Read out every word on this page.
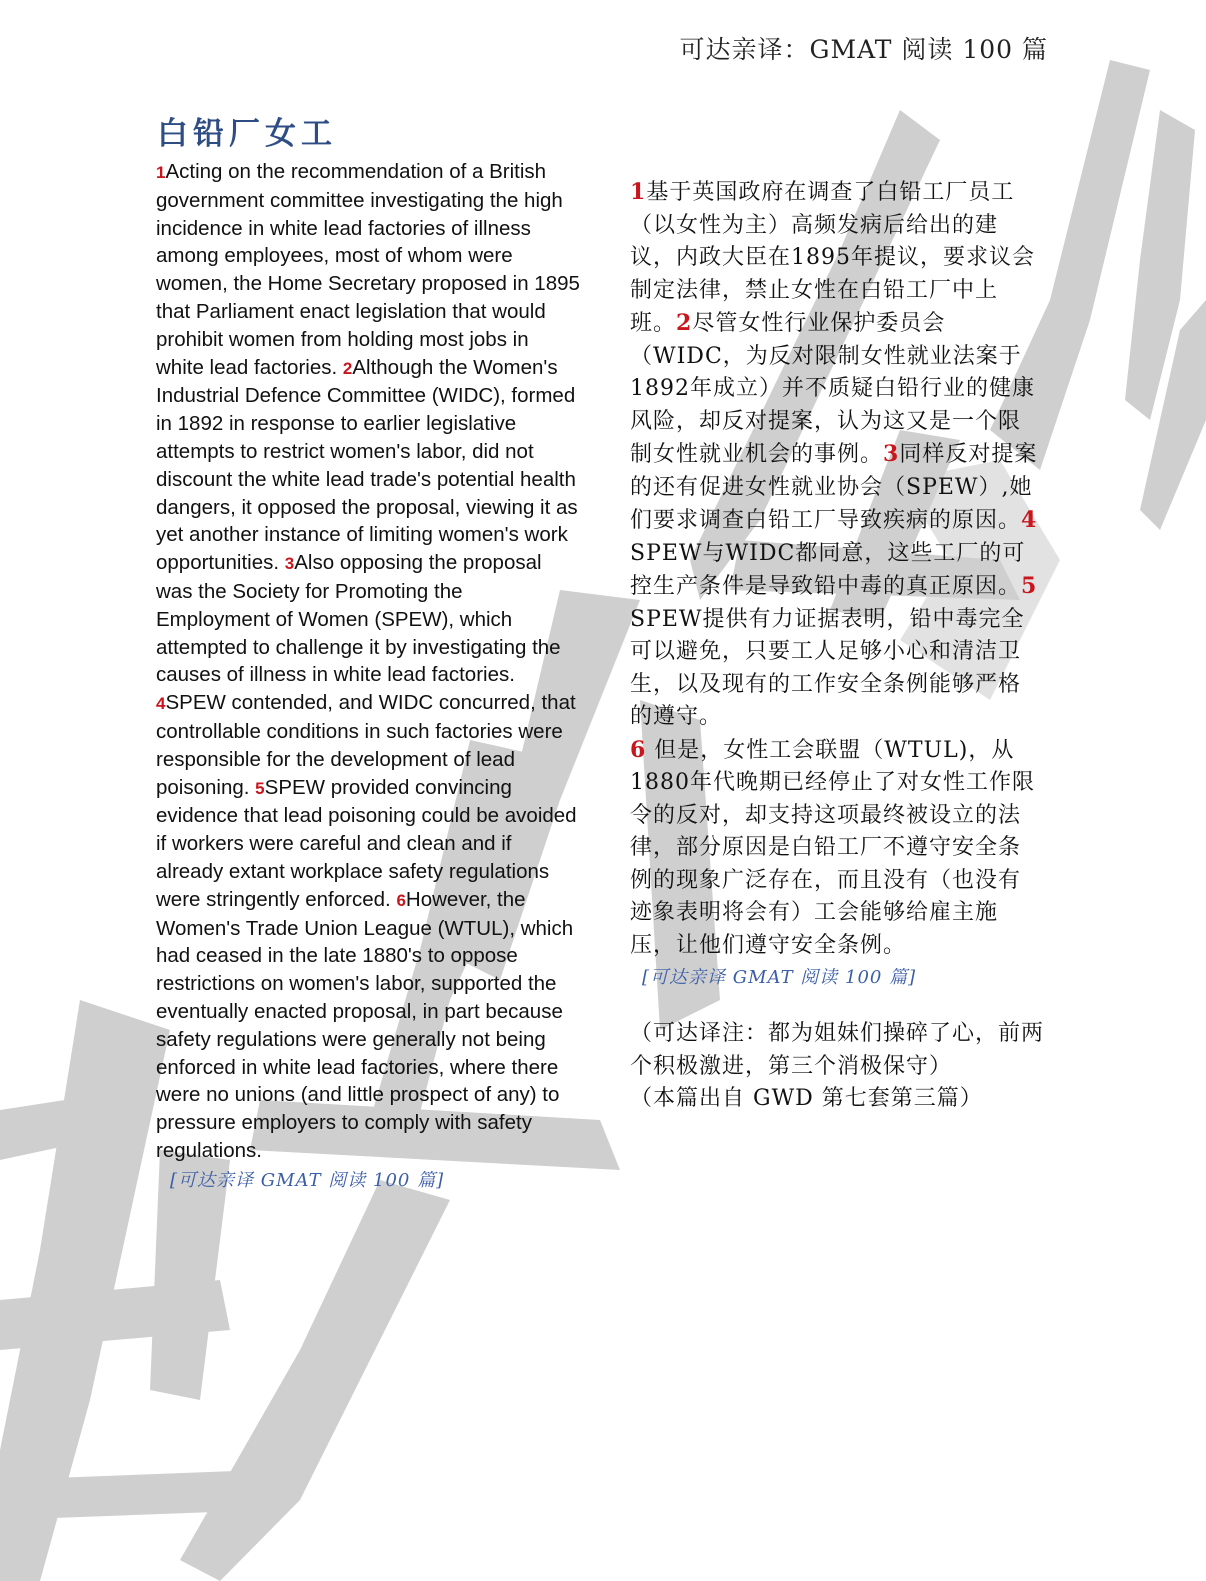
可达亲译：GMAT 阅读 100 篇
白铅厂女工

1Acting on the recommendation of a British government committee investigating the high incidence in white lead factories of illness among employees, most of whom were women, the Home Secretary proposed in 1895 that Parliament enact legislation that would prohibit women from holding most jobs in white lead factories. 2Although the Women's Industrial Defence Committee (WIDC), formed in 1892 in response to earlier legislative attempts to restrict women's labor, did not discount the white lead trade's potential health dangers, it opposed the proposal, viewing it as yet another instance of limiting women's work opportunities. 3Also opposing the proposal was the Society for Promoting the Employment of Women (SPEW), which attempted to challenge it by investigating the causes of illness in white lead factories. 4SPEW contended, and WIDC concurred, that controllable conditions in such factories were responsible for the development of lead poisoning. 5SPEW provided convincing evidence that lead poisoning could be avoided if workers were careful and clean and if already extant workplace safety regulations were stringently enforced. 6However, the Women's Trade Union League (WTUL), which had ceased in the late 1880's to oppose restrictions on women's labor, supported the eventually enacted proposal, in part because safety regulations were generally not being enforced in white lead factories, where there were no unions (and little prospect of any) to pressure employers to comply with safety regulations.

[可达亲译 GMAT 阅读 100 篇]

1基于英国政府在调查了白铅工厂员工（以女性为主）高频发病后给出的建议，内政大臣在1895年提议，要求议会制定法律，禁止女性在白铅工厂中上班。2尽管女性行业保护委员会（WIDC，为反对限制女性就业法案于1892年成立）并不质疑白铅行业的健康风险，却反对提案，认为这又是一个限制女性就业机会的事例。3同样反对提案的还有促进女性就业协会（SPEW）,她们要求调查白铅工厂导致疾病的原因。4 SPEW与WIDC都同意，这些工厂的可控生产条件是导致铅中毒的真正原因。5 SPEW提供有力证据表明，铅中毒完全可以避免，只要工人足够小心和清洁卫生，以及现有的工作安全条例能够严格的遵守。

6 但是，女性工会联盟（WTUL)，从1880年代晚期已经停止了对女性工作限令的反对，却支持这项最终被设立的法律，部分原因是白铅工厂不遵守安全条例的现象广泛存在，而且没有（也没有迹象表明将会有）工会能够给雇主施压，让他们遵守安全条例。

[可达亲译 GMAT 阅读 100 篇]

（可达译注：都为姐妹们操碎了心，前两个积极激进，第三个消极保守）

（本篇出自 GWD 第七套第三篇）
